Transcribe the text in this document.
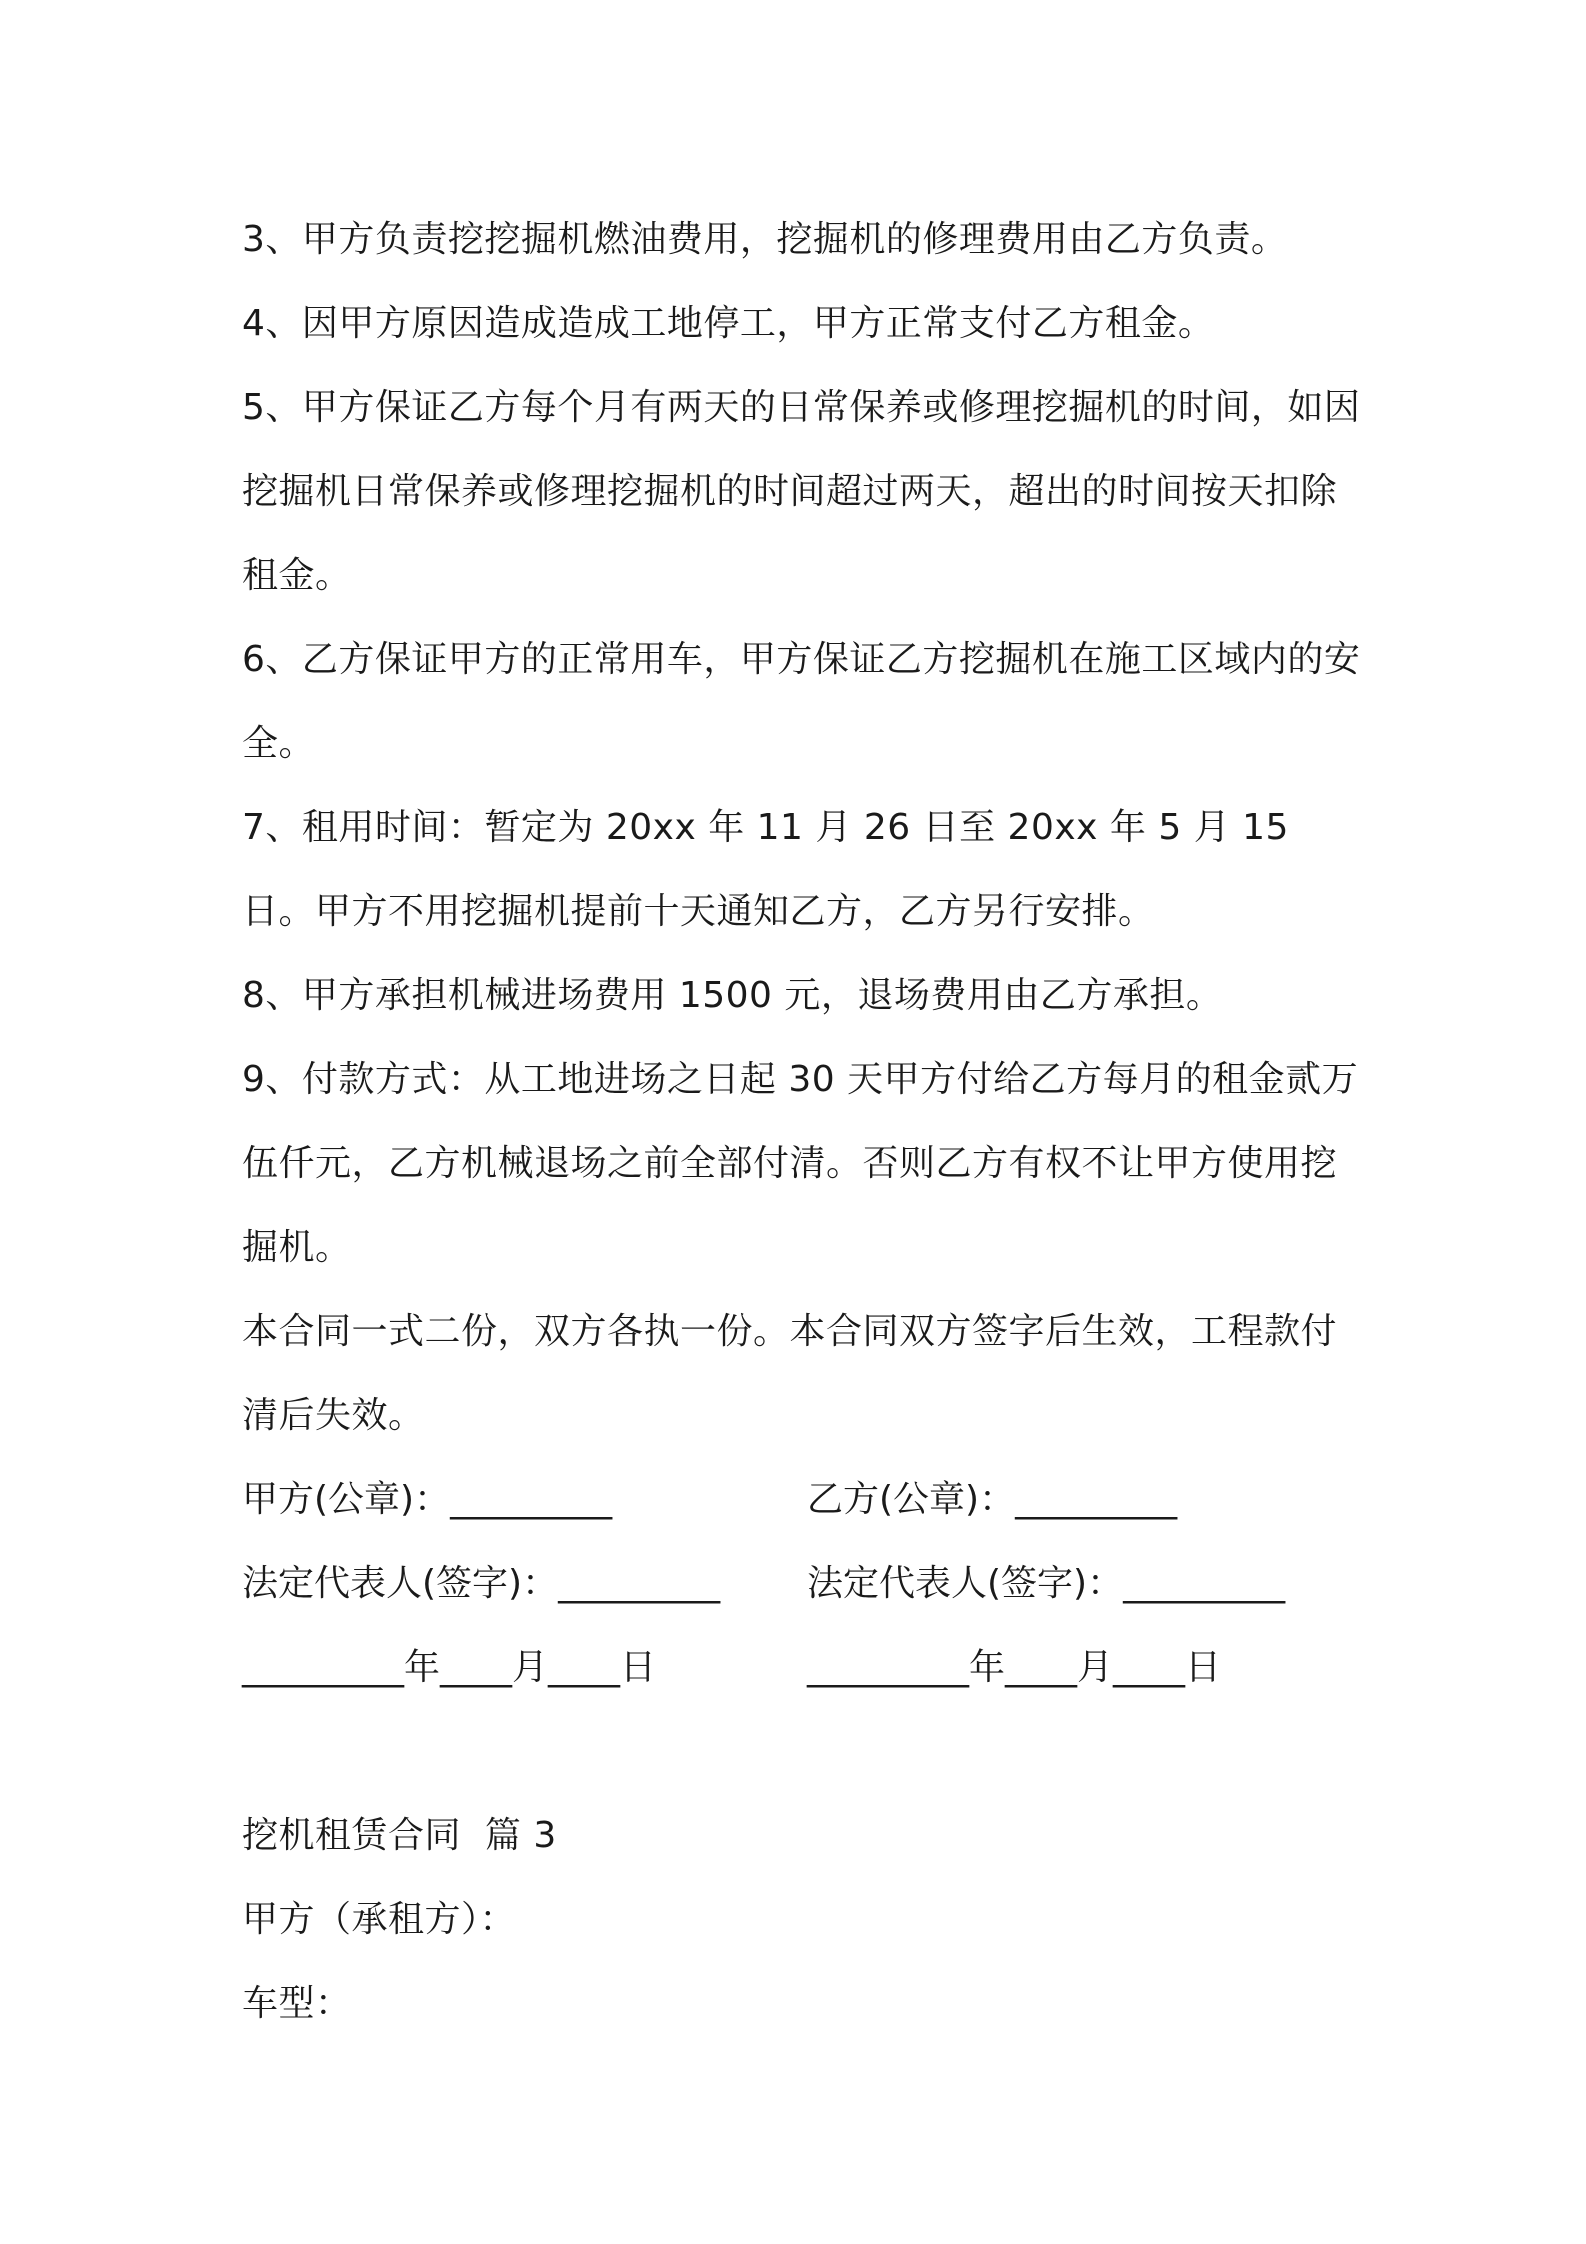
3、甲方负责挖挖掘机燃油费用，挖掘机的修理费用由乙方负责。

4、因甲方原因造成造成工地停工，甲方正常支付乙方租金。

5、甲方保证乙方每个月有两天的日常保养或修理挖掘机的时间，如因挖掘机日常保养或修理挖掘机的时间超过两天，超出的时间按天扣除租金。

6、乙方保证甲方的正常用车，甲方保证乙方挖掘机在施工区域内的安全。

7、租用时间：暂定为 20xx 年 11 月 26 日至 20xx 年 5 月 15 日。甲方不用挖掘机提前十天通知乙方，乙方另行安排。

8、甲方承担机械进场费用 1500 元，退场费用由乙方承担。

9、付款方式：从工地进场之日起 30 天甲方付给乙方每月的租金贰万伍仟元，乙方机械退场之前全部付清。否则乙方有权不让甲方使用挖掘机。

本合同一式二份，双方各执一份。本合同双方签字后生效，工程款付清后失效。

甲方(公章)：_________	乙方(公章)：_________
法定代表人(签字)：_________	法定代表人(签字)：_________
_________年____月____日	_________年____月____日

挖机租赁合同  篇 3

甲方（承租方）：

车型：
